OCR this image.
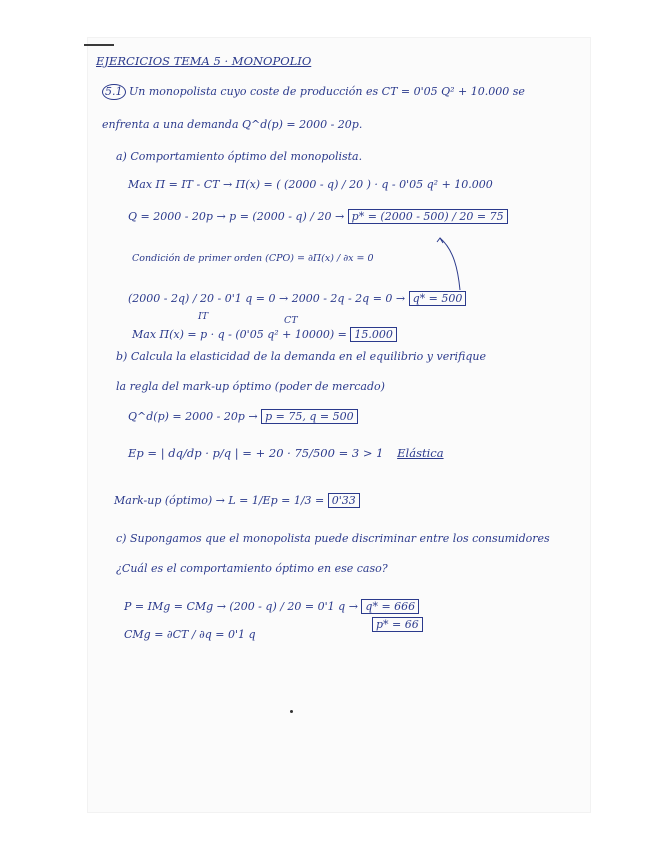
EJERCICIOS TEMA 5 · MONOPOLIO
5.1 Un monopolista cuyo coste de producción es CT = 0'05 Q² + 10.000 se
enfrenta a una demanda Q^d(p) = 2000 - 20p.
a) Comportamiento óptimo del monopolista.
Max Π = IT - CT → Π(x) = ( (2000 - q) / 20 ) · q - 0'05 q² + 10.000
Q = 2000 - 20p → p = (2000 - q) / 20 → p* = (2000 - 500) / 20 = 75
Condición de primer orden (CPO) = ∂Π(x) / ∂x = 0
(2000 - 2q) / 20 - 0'1 q = 0 → 2000 - 2q - 2q = 0 → q* = 500
IT	CT
Max Π(x) = p · q - (0'05 q² + 10000) = 15.000
b) Calcula la elasticidad de la demanda en el equilibrio y verifique
la regla del mark-up óptimo (poder de mercado)
Q^d(p) = 2000 - 20p → p = 75, q = 500
Ep = | dq/dp · p/q | = + 20 · 75/500 = 3 > 1 Elástica
Mark-up (óptimo) → L = 1/Ep = 1/3 = 0'33
c) Supongamos que el monopolista puede discriminar entre los consumidores
¿Cuál es el comportamiento óptimo en ese caso?
P = IMg = CMg → (200 - q) / 20 = 0'1 q → q* = 666
CMg = ∂CT / ∂q = 0'1 q
p* = 66
